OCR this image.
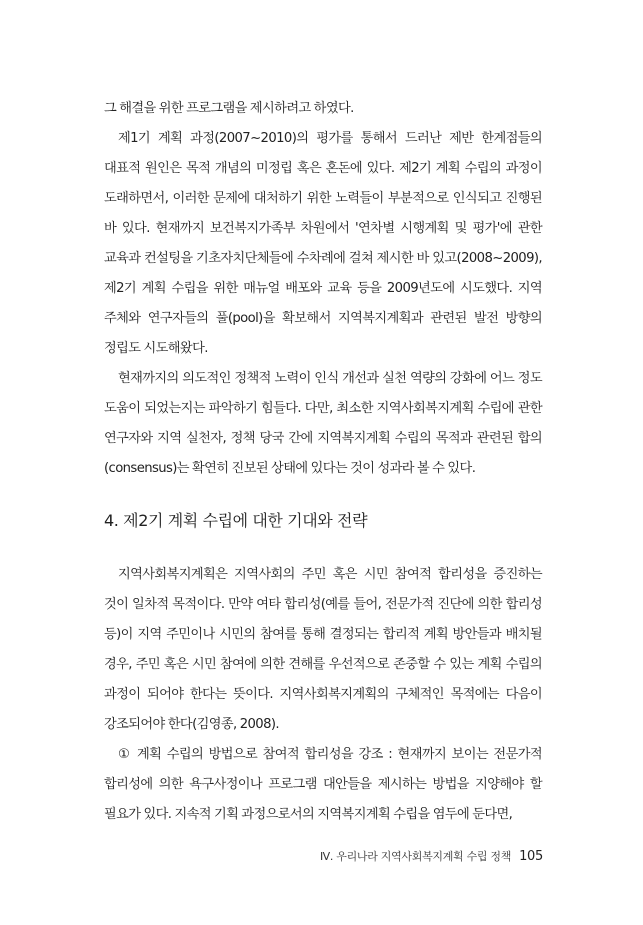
그 해결을 위한 프로그램을 제시하려고 하였다.

제1기 계획 과정(2007~2010)의 평가를 통해서 드러난 제반 한계점들의 대표적 원인은 목적 개념의 미정립 혹은 혼돈에 있다. 제2기 계획 수립의 과정이 도래하면서, 이러한 문제에 대처하기 위한 노력들이 부분적으로 인식되고 진행된 바 있다. 현재까지 보건복지가족부 차원에서 '연차별 시행계획 및 평가'에 관한 교육과 컨설팅을 기초자치단체들에 수차례에 걸쳐 제시한 바 있고(2008~2009), 제2기 계획 수립을 위한 매뉴얼 배포와 교육 등을 2009년도에 시도했다. 지역 주체와 연구자들의 풀(pool)을 확보해서 지역복지계획과 관련된 발전 방향의 정립도 시도해왔다.

현재까지의 의도적인 정책적 노력이 인식 개선과 실천 역량의 강화에 어느 정도 도움이 되었는지는 파악하기 힘들다. 다만, 최소한 지역사회복지계획 수립에 관한 연구자와 지역 실천자, 정책 당국 간에 지역복지계획 수립의 목적과 관련된 합의(consensus)는 확연히 진보된 상태에 있다는 것이 성과라 볼 수 있다.

4. 제2기 계획 수립에 대한 기대와 전략

지역사회복지계획은 지역사회의 주민 혹은 시민 참여적 합리성을 증진하는 것이 일차적 목적이다. 만약 여타 합리성(예를 들어, 전문가적 진단에 의한 합리성 등)이 지역 주민이나 시민의 참여를 통해 결정되는 합리적 계획 방안들과 배치될 경우, 주민 혹은 시민 참여에 의한 견해를 우선적으로 존중할 수 있는 계획 수립의 과정이 되어야 한다는 뜻이다. 지역사회복지계획의 구체적인 목적에는 다음이 강조되어야 한다(김영종, 2008).

① 계획 수립의 방법으로 참여적 합리성을 강조 : 현재까지 보이는 전문가적 합리성에 의한 욕구사정이나 프로그램 대안들을 제시하는 방법을 지양해야 할 필요가 있다. 지속적 기획 과정으로서의 지역복지계획 수립을 염두에 둔다면,

Ⅳ. 우리나라 지역사회복지계획 수립 정책 105
